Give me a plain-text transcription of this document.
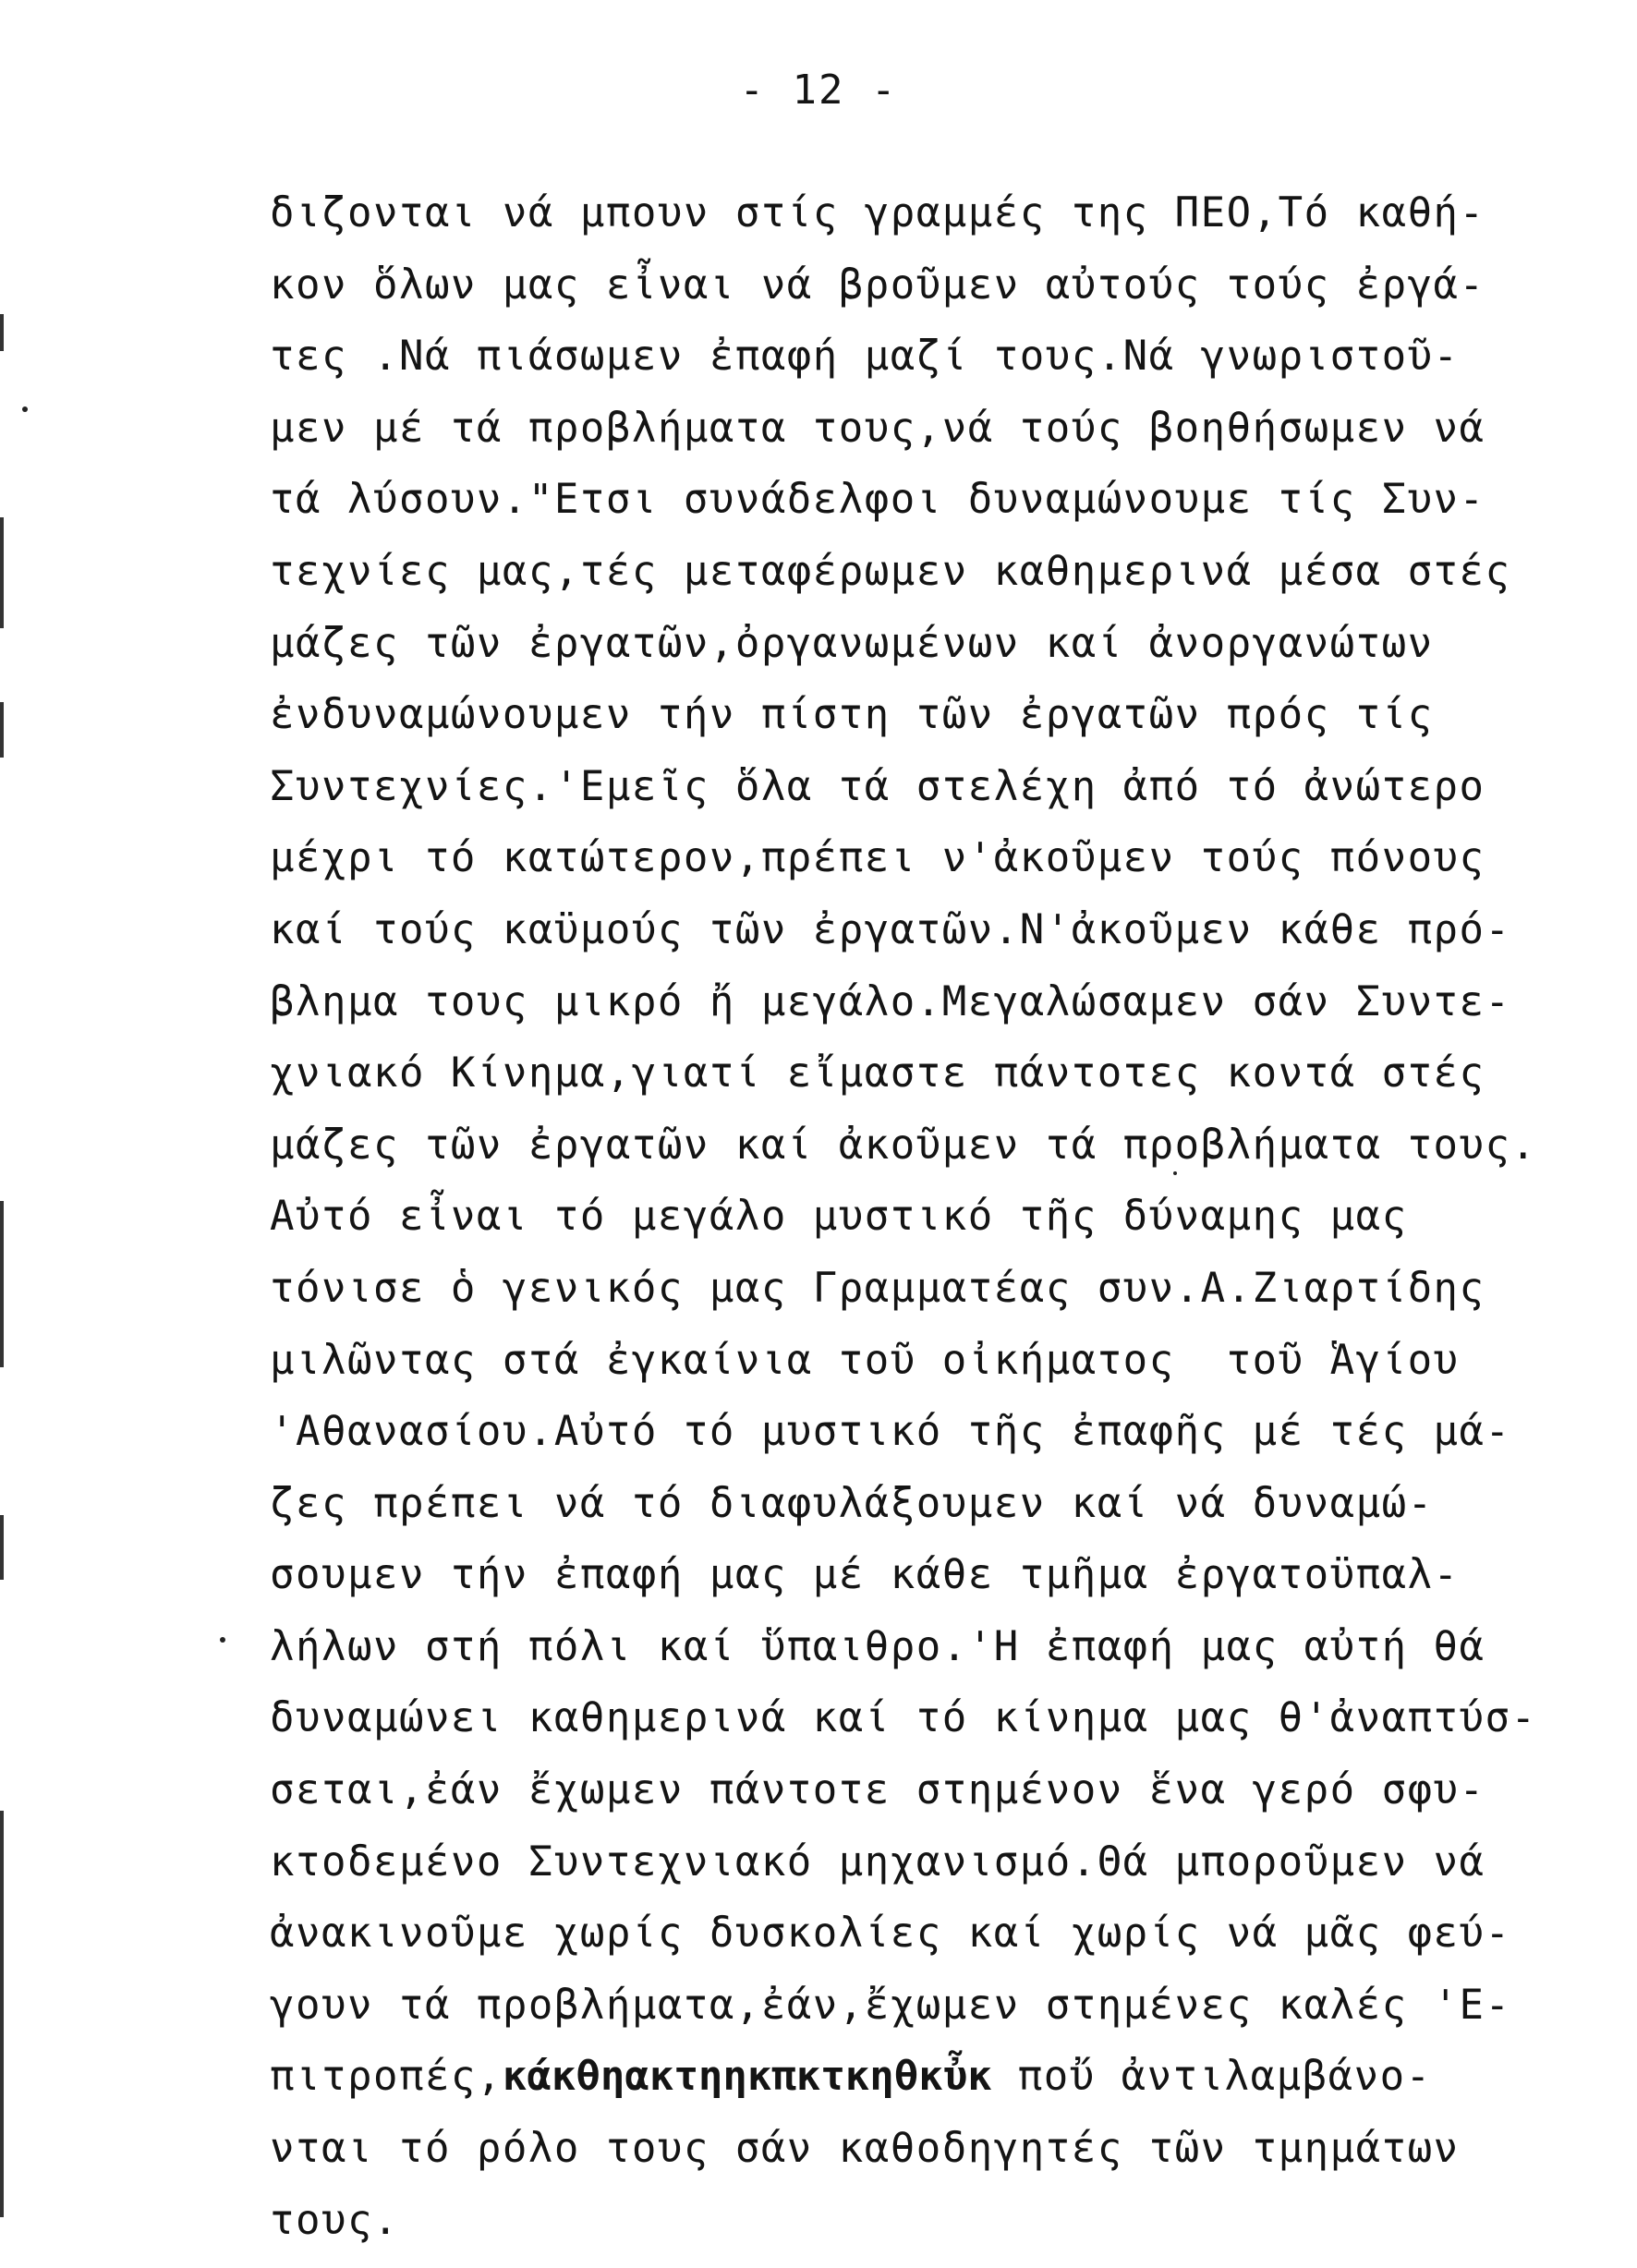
- 12 -
διζονται νά μπουν στίς γραμμές της ΠΕΟ,Τό καθή-
κον ὅλων μας εἶναι νά βροῦμεν αὐτούς τούς ἐργά-
τες .Νά πιάσωμεν ἐπαφή μαζί τους.Νά γνωριστοῦ-
μεν μέ τά προβλήματα τους,νά τούς βοηθήσωμεν νά
τά λύσουν."Ετσι συνάδελφοι δυναμώνουμε τίς Συν-
τεχνίες μας,τές μεταφέρωμεν καθημερινά μέσα στές
μάζες τῶν ἐργατῶν,ὀργανωμένων καί ἀνοργανώτων
ἐνδυναμώνουμεν τήν πίστη τῶν ἐργατῶν πρός τίς
Συντεχνίες.'Εμεῖς ὅλα τά στελέχη ἀπό τό ἀνώτερο
μέχρι τό κατώτερον,πρέπει ν'ἀκοῦμεν τούς πόνους
καί τούς καϋμούς τῶν ἐργατῶν.Ν'ἀκοῦμεν κάθε πρό-
βλημα τους μικρό ἤ μεγάλο.Μεγαλώσαμεν σάν Συντε-
χνιακό Κίνημα,γιατί εἴμαστε πάντοτες κοντά στές
μάζες τῶν ἐργατῶν καί ἀκοῦμεν τά προβλήματα τους.
Αὐτό εἶναι τό μεγάλο μυστικό τῆς δύναμης μας
τόνισε ὁ γενικός μας Γραμματέας συν.Α.Ζιαρτίδης
μιλῶντας στά ἐγκαίνια τοῦ οἰκήματος  τοῦ Ἁγίου
'Αθανασίου.Αὐτό τό μυστικό τῆς ἐπαφῆς μέ τές μά-
ζες πρέπει νά τό διαφυλάξουμεν καί νά δυναμώ-
σουμεν τήν ἐπαφή μας μέ κάθε τμῆμα ἐργατοϋπαλ-
λήλων στή πόλι καί ὕπαιθρο.'Η ἐπαφή μας αὐτή θά
δυναμώνει καθημερινά καί τό κίνημα μας θ'ἀναπτύσ-
σεται,ἐάν ἔχωμεν πάντοτε στημένον ἕνα γερό σφυ-
κτοδεμένο Συντεχνιακό μηχανισμό.Θά μποροῦμεν νά
ἀνακινοῦμε χωρίς δυσκολίες καί χωρίς νά μᾶς φεύ-
γουν τά προβλήματα,ἐάν,ἔχωμεν στημένες καλές 'Ε-
πιτροπές,κάκθηακτηηκπκτκηθκὖκ ποὔ ἀντιλαμβάνο-
νται τό ρόλο τους σάν καθοδηγητές τῶν τμημάτων
τους.
